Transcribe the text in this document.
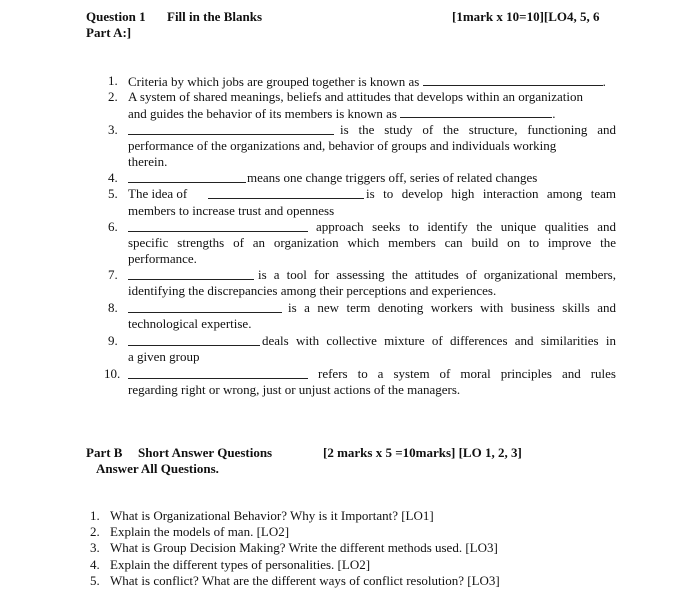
Question 1 Fill in the Blanks	[1mark x 10=10][LO4, 5, 6
Part A:]
1. Criteria by which jobs are grouped together is known as	.
2. A system of shared meanings, beliefs and attitudes that develops within an organization
and guides the behavior of its members is known as	.
3.	is the study of the structure, functioning and
performance of the organizations and, behavior of groups and individuals working
therein.
4.	means one change triggers off, series of related changes
5. The idea of	is to develop high interaction among team
members to increase trust and openness
6.	approach seeks to identify the unique qualities and
specific strengths of an organization which members can build on to improve the
performance.
7.	is a tool for assessing the attitudes of organizational members,
identifying the discrepancies among their perceptions and experiences.
8.	is a new term denoting workers with business skills and
technological expertise.
9.	deals with collective mixture of differences and similarities in
a given group
10.	refers to a system of moral principles and rules
regarding right or wrong, just or unjust actions of the managers.
Part B Short Answer Questions	[2 marks x 5 =10marks] [LO 1, 2, 3]
Answer All Questions.
1. What is Organizational Behavior? Why is it Important? [LO1]
2. Explain the models of man. [LO2]
3. What is Group Decision Making? Write the different methods used. [LO3]
4. Explain the different types of personalities. [LO2]
5. What is conflict? What are the different ways of conflict resolution? [LO3]
